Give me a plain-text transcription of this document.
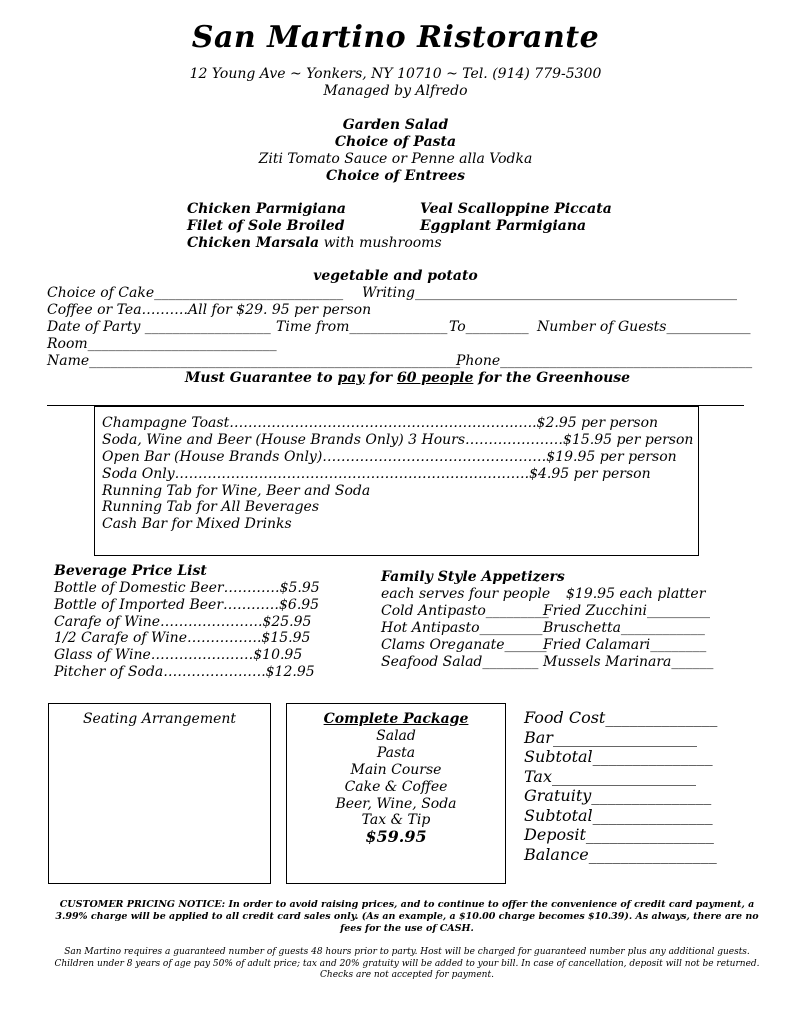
San Martino Ristorante
12 Young Ave ~ Yonkers, NY 10710 ~ Tel. (914) 779-5300
Managed by Alfredo
Garden Salad
Choice of Pasta
Ziti Tomato Sauce or Penne alla Vodka
Choice of Entrees
Chicken Parmigiana
Filet of Sole Broiled
Chicken Marsala with mushrooms
Veal Scalloppine Piccata
Eggplant Parmigiana
vegetable and potato
Choice of Cake___________________________ Writing______________________________________________
Coffee or Tea……….All for $29. 95 per person
Date of Party __________________ Time from______________ To_________ Number of Guests____________
Room___________________________
Name_____________________________________________________
Phone____________________________________
Must Guarantee to pay for 60 people for the Greenhouse
Champagne Toast…………………………………………………….…..$2.95 per person
Soda, Wine and Beer (House Brands Only) 3 Hours…………………$15.95 per person
Open Bar (House Brands Only)…………………………………………$19.95 per person
Soda Only………………………………………………………………….$4.95 per person
Running Tab for Wine, Beer and Soda
Running Tab for All Beverages
Cash Bar for Mixed Drinks
Beverage Price List
Bottle of Domestic Beer…………$5.95
Bottle of Imported Beer…………$6.95
Carafe of Wine………………….$25.95
1/2 Carafe of Wine…………….$15.95
Glass of Wine…………….……$10.95
Pitcher of Soda………………….$12.95
Family Style Appetizers
each serves four people $19.95 each platter
Cold Antipasto_________
Fried Zucchini_________
Hot Antipasto_________ Bruschetta____________
Clams Oreganate______
Fried Calamari________
Seafood Salad________ Mussels Marinara______
Seating Arrangement	Complete Package
Salad
Pasta
Main Course
Cake & Coffee
Beer, Wine, Soda
Tax & Tip
$59.95
Food Cost______________
Bar__________________
Subtotal_______________
Tax__________________
Gratuity_______________
Subtotal_______________
Deposit________________
Balance________________
CUSTOMER PRICING NOTICE: In order to avoid raising prices, and to continue to offer the convenience of credit card payment, a 3.99% charge will be applied to all credit card sales only. (As an example, a $10.00 charge becomes $10.39). As always, there are no fees for the use of CASH.
San Martino requires a guaranteed number of guests 48 hours prior to party. Host will be charged for guaranteed number plus any additional guests. Children under 8 years of age pay 50% of adult price; tax and 20% gratuity will be added to your bill. In case of cancellation, deposit will not be returned. Checks are not accepted for payment.
